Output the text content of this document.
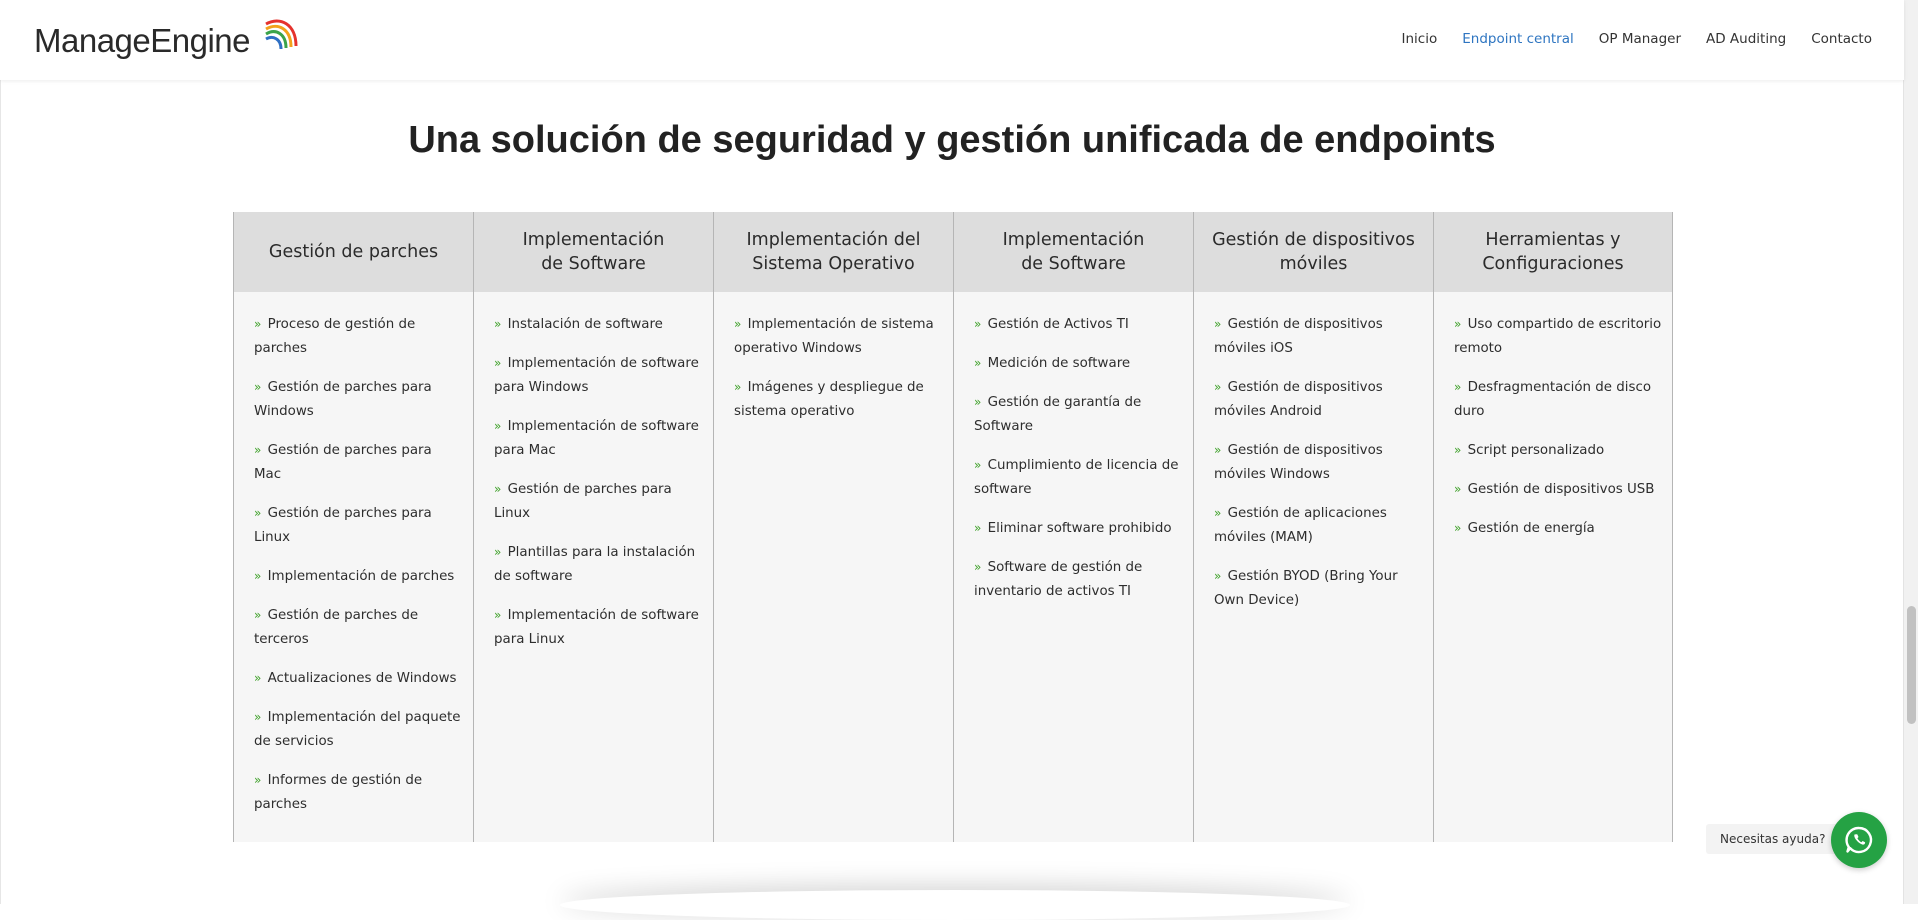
ManageEngine	Inicio Endpoint central OP Manager AD Auditing Contacto
Una solución de seguridad y gestión unificada de endpoints
Gestión de parches
» Proceso de gestión de parches
» Gestión de parches para Windows
» Gestión de parches para Mac
» Gestión de parches para Linux
» Implementación de parches
» Gestión de parches de terceros
» Actualizaciones de Windows
» Implementación del paquete de servicios
» Informes de gestión de parches
Implementación
de Software
» Instalación de software
» Implementación de software para Windows
» Implementación de software para Mac
» Gestión de parches para Linux
» Plantillas para la instalación de software
» Implementación de software para Linux
Implementación del
Sistema Operativo
» Implementación de sistema operativo Windows
» Imágenes y despliegue de sistema operativo
Implementación
de Software
» Gestión de Activos TI
» Medición de software
» Gestión de garantía de Software
» Cumplimiento de licencia de software
» Eliminar software prohibido
» Software de gestión de inventario de activos TI
Gestión de dispositivos
móviles
» Gestión de dispositivos móviles iOS
» Gestión de dispositivos móviles Android
» Gestión de dispositivos móviles Windows
» Gestión de aplicaciones móviles (MAM)
» Gestión BYOD (Bring Your Own Device)
Herramientas y
Configuraciones
» Uso compartido de escritorio remoto
» Desfragmentación de disco duro
» Script personalizado
» Gestión de dispositivos USB
» Gestión de energía
Necesitas ayuda?
